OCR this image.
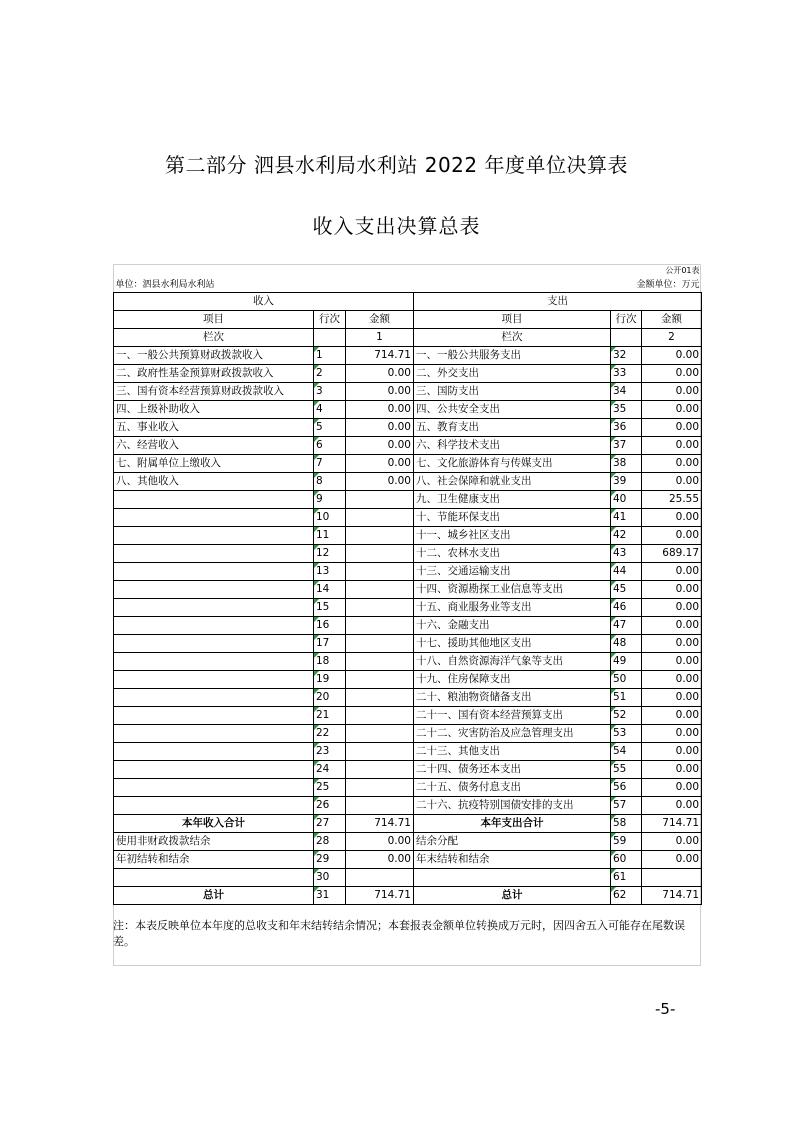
第二部分 泗县水利局水利站 2022 年度单位决算表
收入支出决算总表
公开01表					
单位：泗县水利局水利站			金额单位：万元		
收入			支出		
项目	行次	金额	项目	行次	金额
栏次		1	栏次		2
一、一般公共预算财政拨款收入	1	714.71	一、一般公共服务支出	32	0.00
二、政府性基金预算财政拨款收入	2	0.00	二、外交支出	33	0.00
三、国有资本经营预算财政拨款收入	3	0.00	三、国防支出	34	0.00
四、上级补助收入	4	0.00	四、公共安全支出	35	0.00
五、事业收入	5	0.00	五、教育支出	36	0.00
六、经营收入	6	0.00	六、科学技术支出	37	0.00
七、附属单位上缴收入	7	0.00	七、文化旅游体育与传媒支出	38	0.00
八、其他收入	8	0.00	八、社会保障和就业支出	39	0.00
	9		九、卫生健康支出	40	25.55
	10		十、节能环保支出	41	0.00
	11		十一、城乡社区支出	42	0.00
	12		十二、农林水支出	43	689.17
	13		十三、交通运输支出	44	0.00
	14		十四、资源勘探工业信息等支出	45	0.00
	15		十五、商业服务业等支出	46	0.00
	16		十六、金融支出	47	0.00
	17		十七、援助其他地区支出	48	0.00
	18		十八、自然资源海洋气象等支出	49	0.00
	19		十九、住房保障支出	50	0.00
	20		二十、粮油物资储备支出	51	0.00
	21		二十一、国有资本经营预算支出	52	0.00
	22		二十二、灾害防治及应急管理支出	53	0.00
	23		二十三、其他支出	54	0.00
	24		二十四、债务还本支出	55	0.00
	25		二十五、债务付息支出	56	0.00
	26		二十六、抗疫特别国债安排的支出	57	0.00
本年收入合计	27	714.71	本年支出合计	58	714.71
使用非财政拨款结余	28	0.00	结余分配	59	0.00
年初结转和结余	29	0.00	年末结转和结余	60	0.00
	30			61	
总计	31	714.71	总计	62	714.71
注：本表反映单位本年度的总收支和年末结转结余情况；本套报表金额单位转换成万元时，因四舍五入可能存在尾数误差。
-5-
